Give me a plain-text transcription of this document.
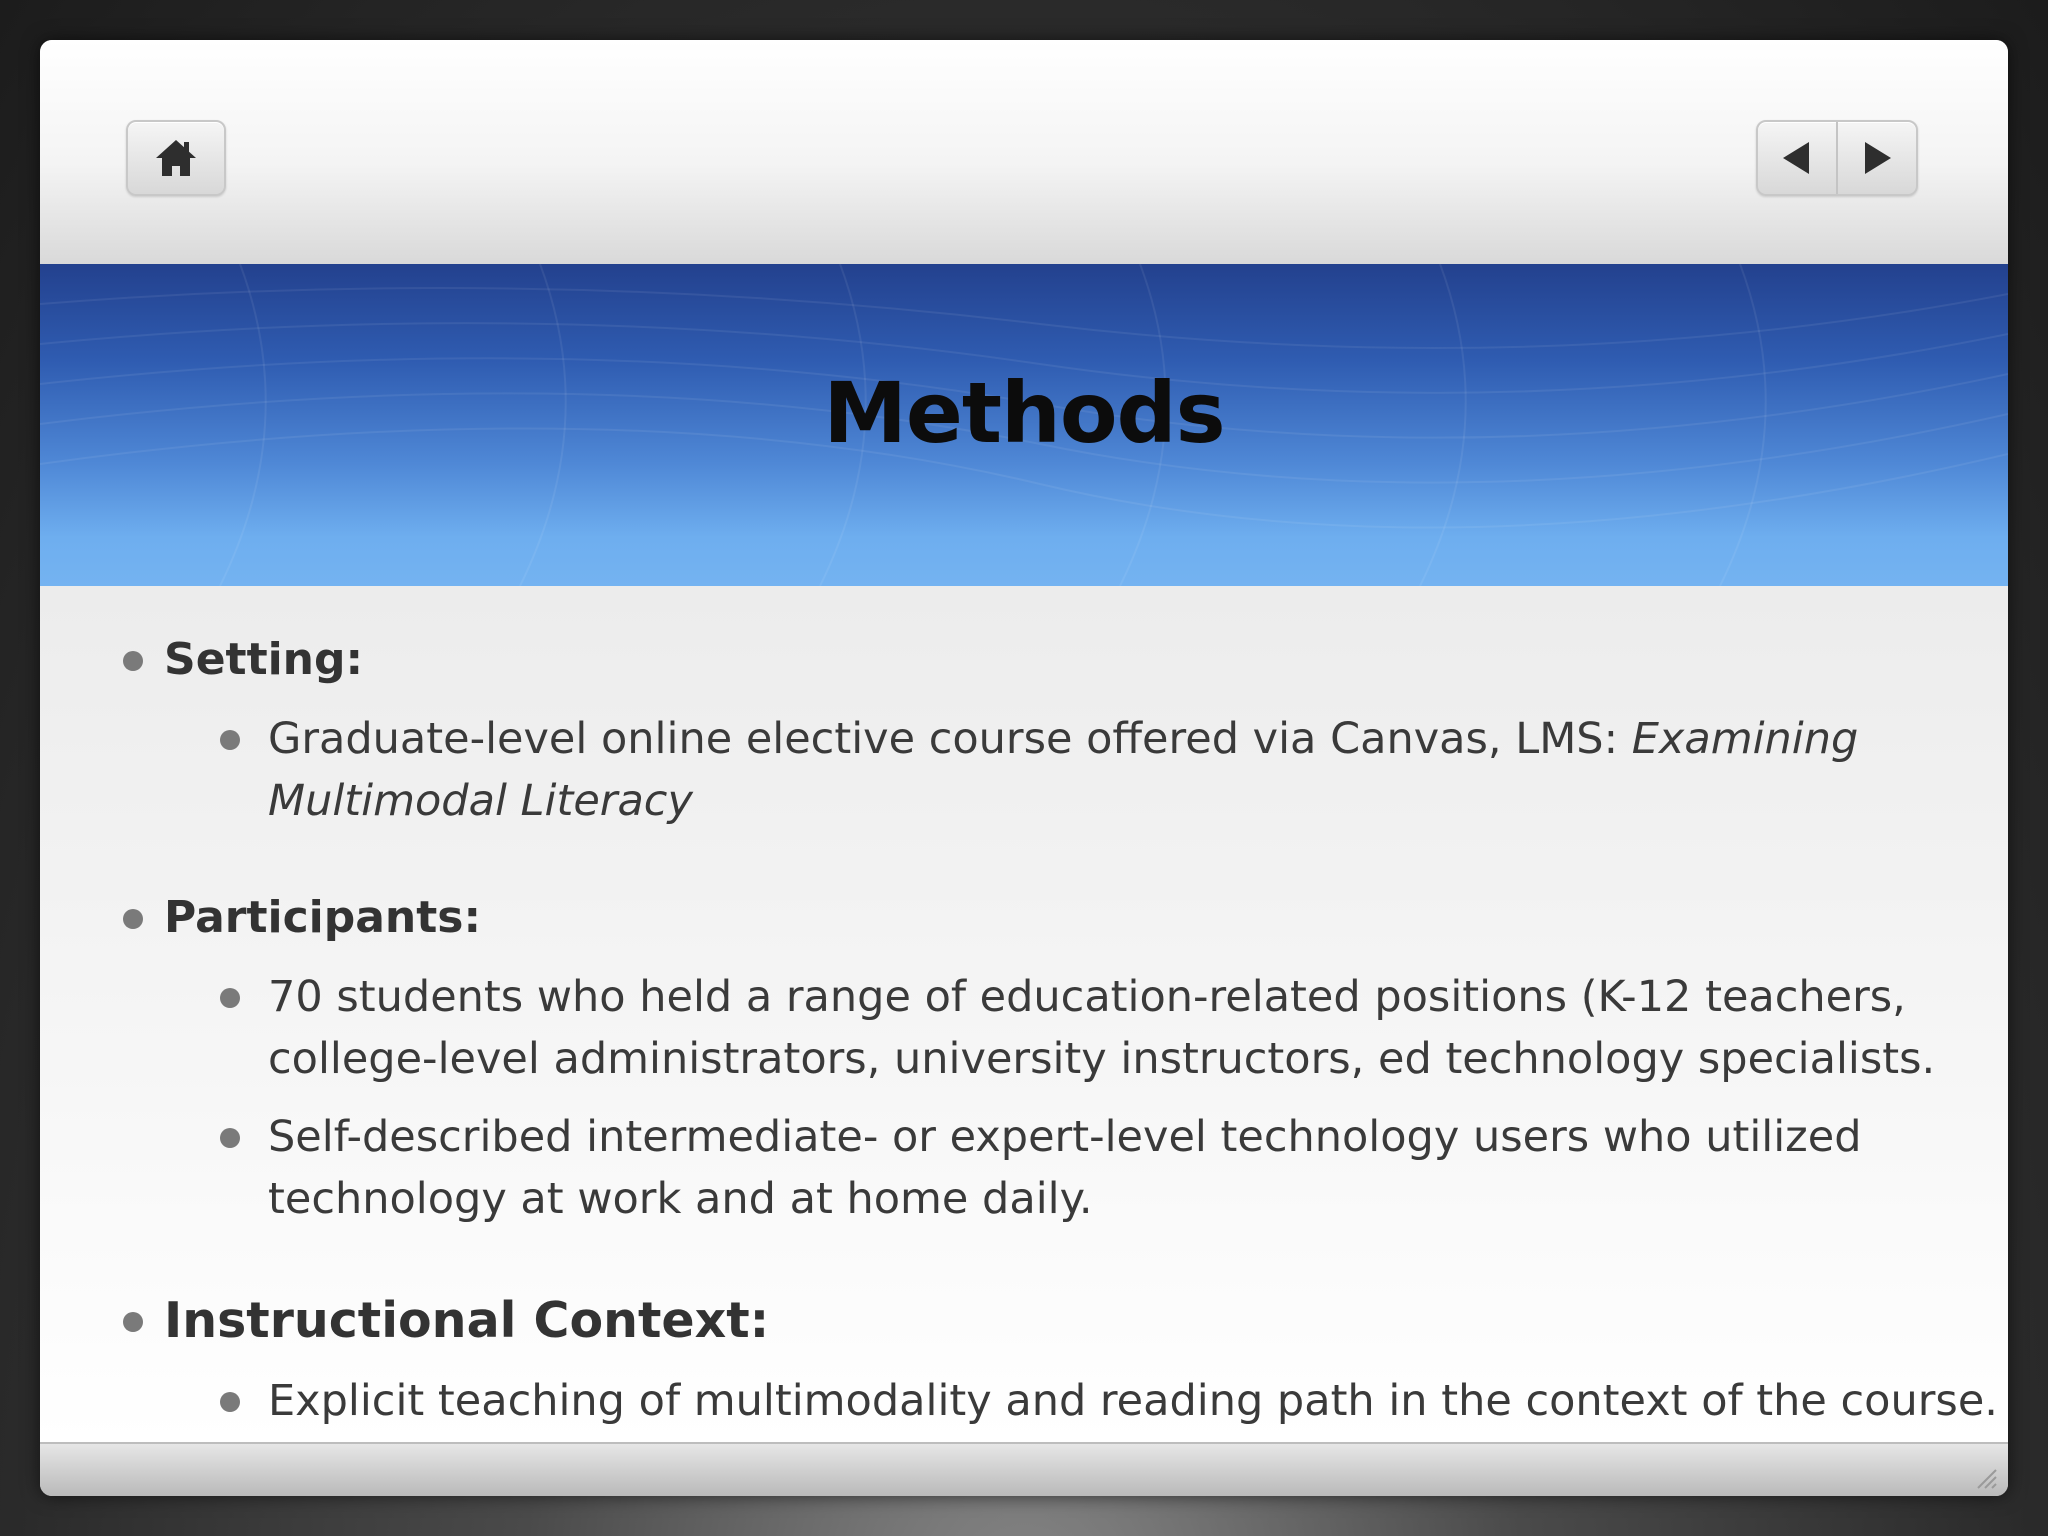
Methods
Setting:
Graduate-level online elective course offered via Canvas, LMS: Examining
Multimodal Literacy
Participants:
70 students who held a range of education-related positions (K-12 teachers,
college-level administrators, university instructors, ed technology specialists.
Self-described intermediate- or expert-level technology users who utilized
technology at work and at home daily.
Instructional Context:
Explicit teaching of multimodality and reading path in the context of the course.
